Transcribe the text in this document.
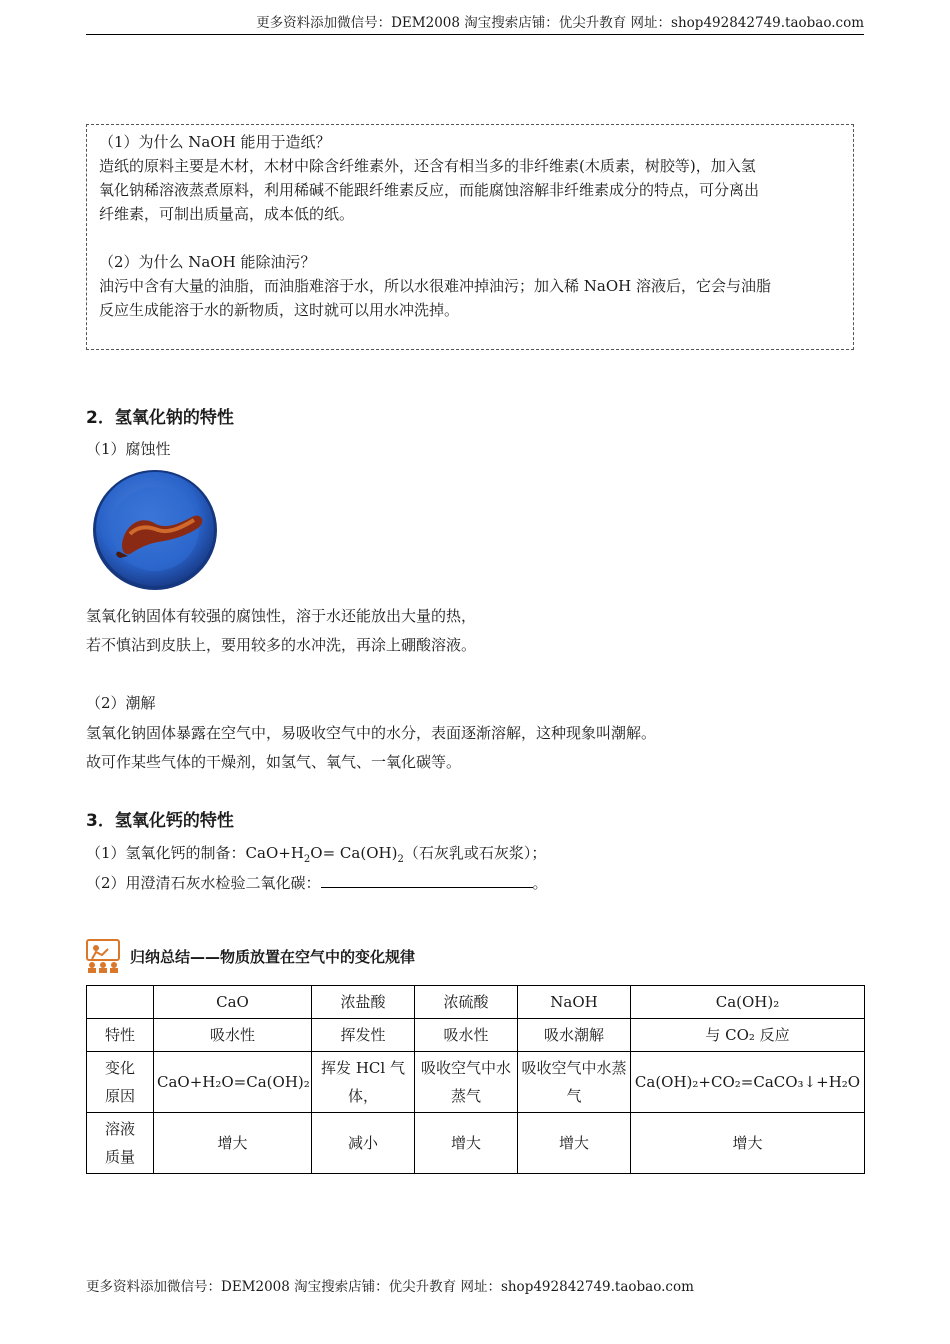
更多资料添加微信号：DEM2008 淘宝搜索店铺：优尖升教育 网址：shop492842749.taobao.com

（1）为什么 NaOH 能用于造纸？

造纸的原料主要是木材，木材中除含纤维素外，还含有相当多的非纤维素(木质素，树胶等)，加入氢

氧化钠稀溶液蒸煮原料，利用稀碱不能跟纤维素反应，而能腐蚀溶解非纤维素成分的特点，可分离出

纤维素，可制出质量高，成本低的纸。

（2）为什么 NaOH 能除油污？

油污中含有大量的油脂，而油脂难溶于水，所以水很难冲掉油污；加入稀 NaOH 溶液后，它会与油脂

反应生成能溶于水的新物质，这时就可以用水冲洗掉。

2．氢氧化钠的特性
（1）腐蚀性
氢氧化钠固体有较强的腐蚀性，溶于水还能放出大量的热，
若不慎沾到皮肤上，要用较多的水冲洗，再涂上硼酸溶液。
（2）潮解
氢氧化钠固体暴露在空气中，易吸收空气中的水分，表面逐渐溶解，这种现象叫潮解。
故可作某些气体的干燥剂，如氢气、氧气、一氧化碳等。
3．氢氧化钙的特性
（1）氢氧化钙的制备：$CaO+H_2O= Ca(OH)_2$（石灰乳或石灰浆）；
（2）用澄清石灰水检验二氧化碳：	。
归纳总结——物质放置在空气中的变化规律
	CaO	浓盐酸	浓硫酸	NaOH	Ca(OH)₂
特性	吸水性	挥发性	吸水性	吸水潮解	与 CO₂ 反应
变化
原因	CaO+H₂O=Ca(OH)₂	挥发 HCl 气体，	吸收空气中水蒸气	吸收空气中水蒸气	Ca(OH)₂+CO₂=CaCO₃↓+H₂O
溶液
质量	增大	减小	增大	增大	增大
更多资料添加微信号：DEM2008 淘宝搜索店铺：优尖升教育 网址：shop492842749.taobao.com
